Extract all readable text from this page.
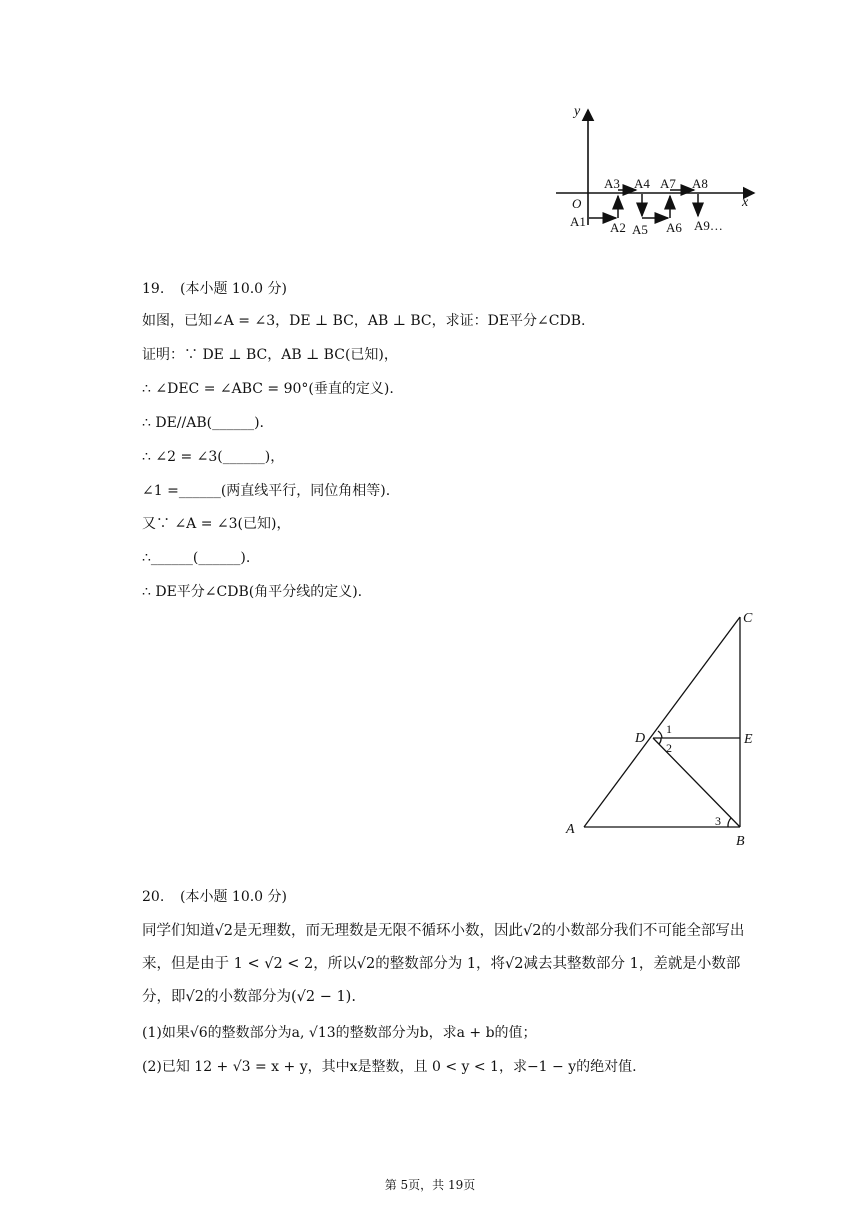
y
x
O
A1 A2
A3 A4
A5 A6
A7 A8
A9…
19. (本小题 10.0 分)
如图，已知∠A = ∠3，DE ⊥ BC，AB ⊥ BC，求证：DE平分∠CDB.
证明：∵ DE ⊥ BC，AB ⊥ BC(已知)，
∴ ∠DEC = ∠ABC = 90°(垂直的定义).
∴ DE//AB(______).
∴ ∠2 = ∠3(______)，
∠1 =______(两直线平行，同位角相等).
又∵ ∠A = ∠3(已知)，
∴______(______).
∴ DE平分∠CDB(角平分线的定义).
C
D	E
A
B
1
2
3
20. (本小题 10.0 分)
同学们知道√2是无理数，而无理数是无限不循环小数，因此√2的小数部分我们不可能全部写出来，但是由于 1 < √2 < 2，所以√2的整数部分为 1，将√2减去其整数部分 1，差就是小数部分，即√2的小数部分为(√2 − 1).
(1)如果√6的整数部分为a, √13的整数部分为b，求a + b的值；
(2)已知 12 + √3 = x + y，其中x是整数，且 0 < y < 1，求−1 − y的绝对值.
第 5页，共 19页
